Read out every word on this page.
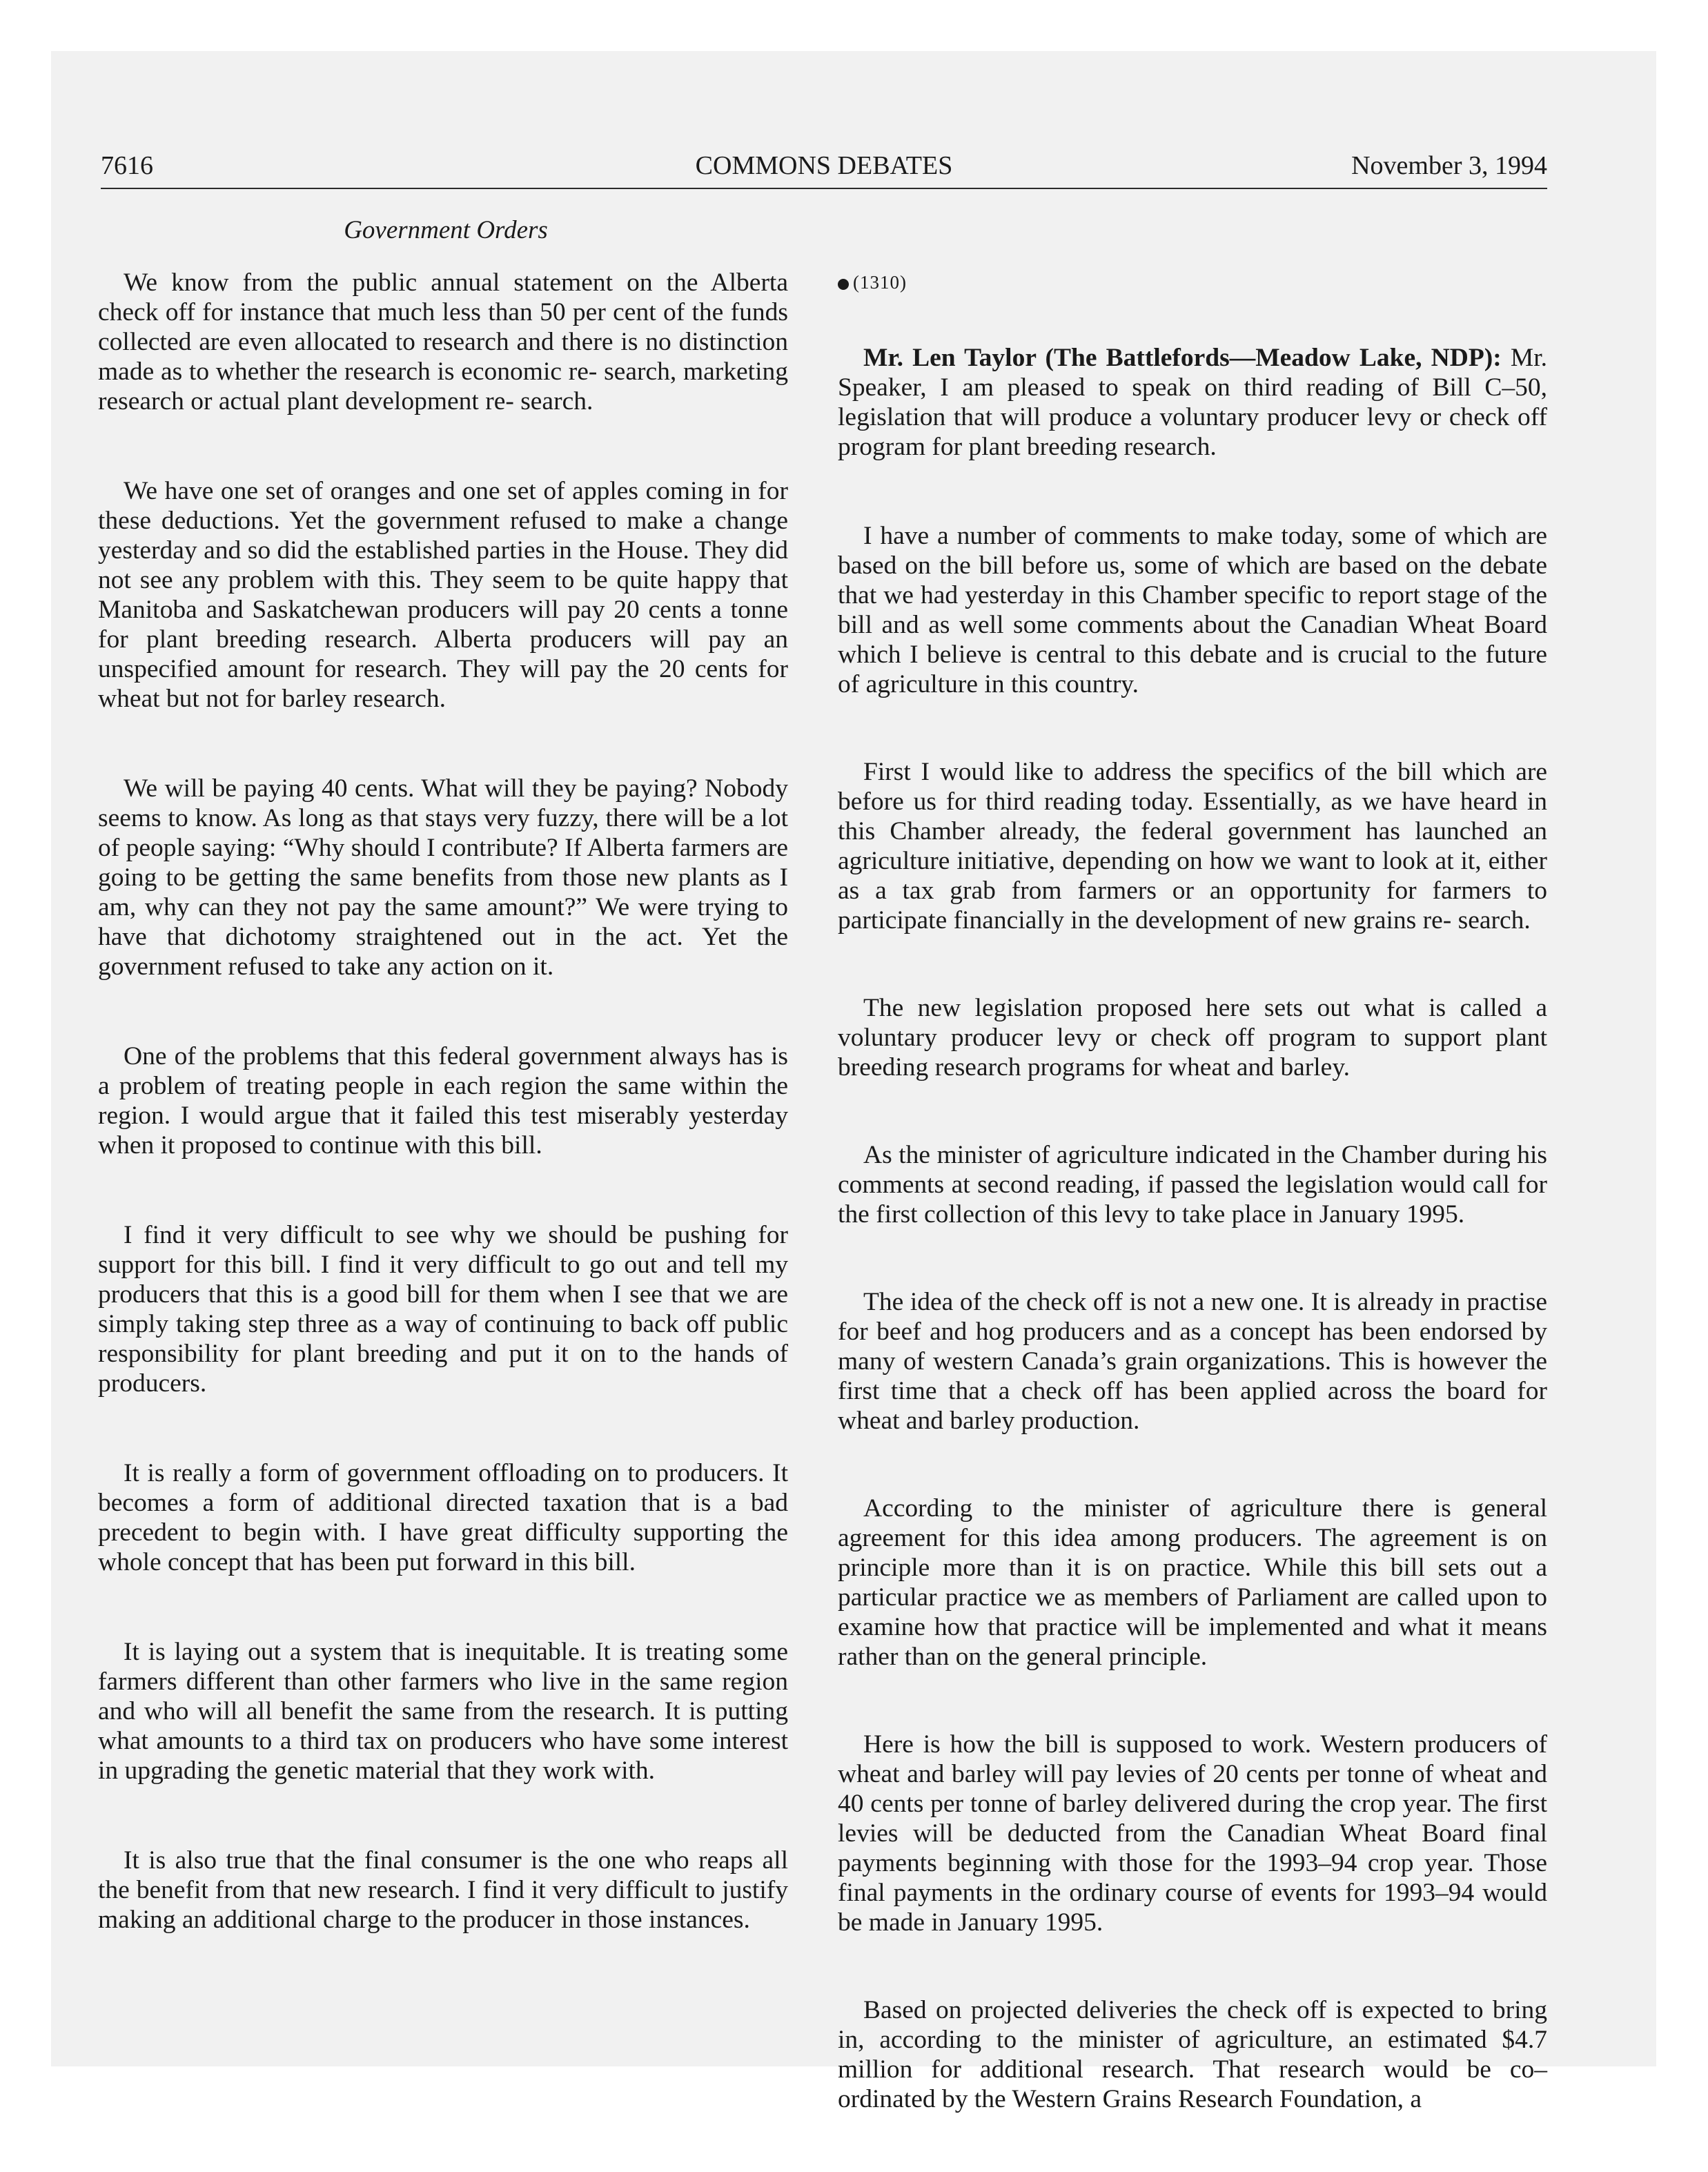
7616	COMMONS DEBATES	November 3, 1994
Government Orders

We know from the public annual statement on the Alberta check off for instance that much less than 50 per cent of the funds collected are even allocated to research and there is no distinction made as to whether the research is economic re- search, marketing research or actual plant development re- search.

We have one set of oranges and one set of apples coming in for these deductions. Yet the government refused to make a change yesterday and so did the established parties in the House. They did not see any problem with this. They seem to be quite happy that Manitoba and Saskatchewan producers will pay 20 cents a tonne for plant breeding research. Alberta producers will pay an unspecified amount for research. They will pay the 20 cents for wheat but not for barley research.

We will be paying 40 cents. What will they be paying? Nobody seems to know. As long as that stays very fuzzy, there will be a lot of people saying: “Why should I contribute? If Alberta farmers are going to be getting the same benefits from those new plants as I am, why can they not pay the same amount?” We were trying to have that dichotomy straightened out in the act. Yet the government refused to take any action on it.

One of the problems that this federal government always has is a problem of treating people in each region the same within the region. I would argue that it failed this test miserably yesterday when it proposed to continue with this bill.

I find it very difficult to see why we should be pushing for support for this bill. I find it very difficult to go out and tell my producers that this is a good bill for them when I see that we are simply taking step three as a way of continuing to back off public responsibility for plant breeding and put it on to the hands of producers.

It is really a form of government offloading on to producers. It becomes a form of additional directed taxation that is a bad precedent to begin with. I have great difficulty supporting the whole concept that has been put forward in this bill.

It is laying out a system that is inequitable. It is treating some farmers different than other farmers who live in the same region and who will all benefit the same from the research. It is putting what amounts to a third tax on producers who have some interest in upgrading the genetic material that they work with.

It is also true that the final consumer is the one who reaps all the benefit from that new research. I find it very difficult to justify making an additional charge to the producer in those instances.

(1310)

Mr. Len Taylor (The Battlefords—Meadow Lake, NDP): Mr. Speaker, I am pleased to speak on third reading of Bill C–50, legislation that will produce a voluntary producer levy or check off program for plant breeding research.

I have a number of comments to make today, some of which are based on the bill before us, some of which are based on the debate that we had yesterday in this Chamber specific to report stage of the bill and as well some comments about the Canadian Wheat Board which I believe is central to this debate and is crucial to the future of agriculture in this country.

First I would like to address the specifics of the bill which are before us for third reading today. Essentially, as we have heard in this Chamber already, the federal government has launched an agriculture initiative, depending on how we want to look at it, either as a tax grab from farmers or an opportunity for farmers to participate financially in the development of new grains re- search.

The new legislation proposed here sets out what is called a voluntary producer levy or check off program to support plant breeding research programs for wheat and barley.

As the minister of agriculture indicated in the Chamber during his comments at second reading, if passed the legislation would call for the first collection of this levy to take place in January 1995.

The idea of the check off is not a new one. It is already in practise for beef and hog producers and as a concept has been endorsed by many of western Canada’s grain organizations. This is however the first time that a check off has been applied across the board for wheat and barley production.

According to the minister of agriculture there is general agreement for this idea among producers. The agreement is on principle more than it is on practice. While this bill sets out a particular practice we as members of Parliament are called upon to examine how that practice will be implemented and what it means rather than on the general principle.

Here is how the bill is supposed to work. Western producers of wheat and barley will pay levies of 20 cents per tonne of wheat and 40 cents per tonne of barley delivered during the crop year. The first levies will be deducted from the Canadian Wheat Board final payments beginning with those for the 1993–94 crop year. Those final payments in the ordinary course of events for 1993–94 would be made in January 1995.

Based on projected deliveries the check off is expected to bring in, according to the minister of agriculture, an estimated $4.7 million for additional research. That research would be co–ordinated by the Western Grains Research Foundation, a
